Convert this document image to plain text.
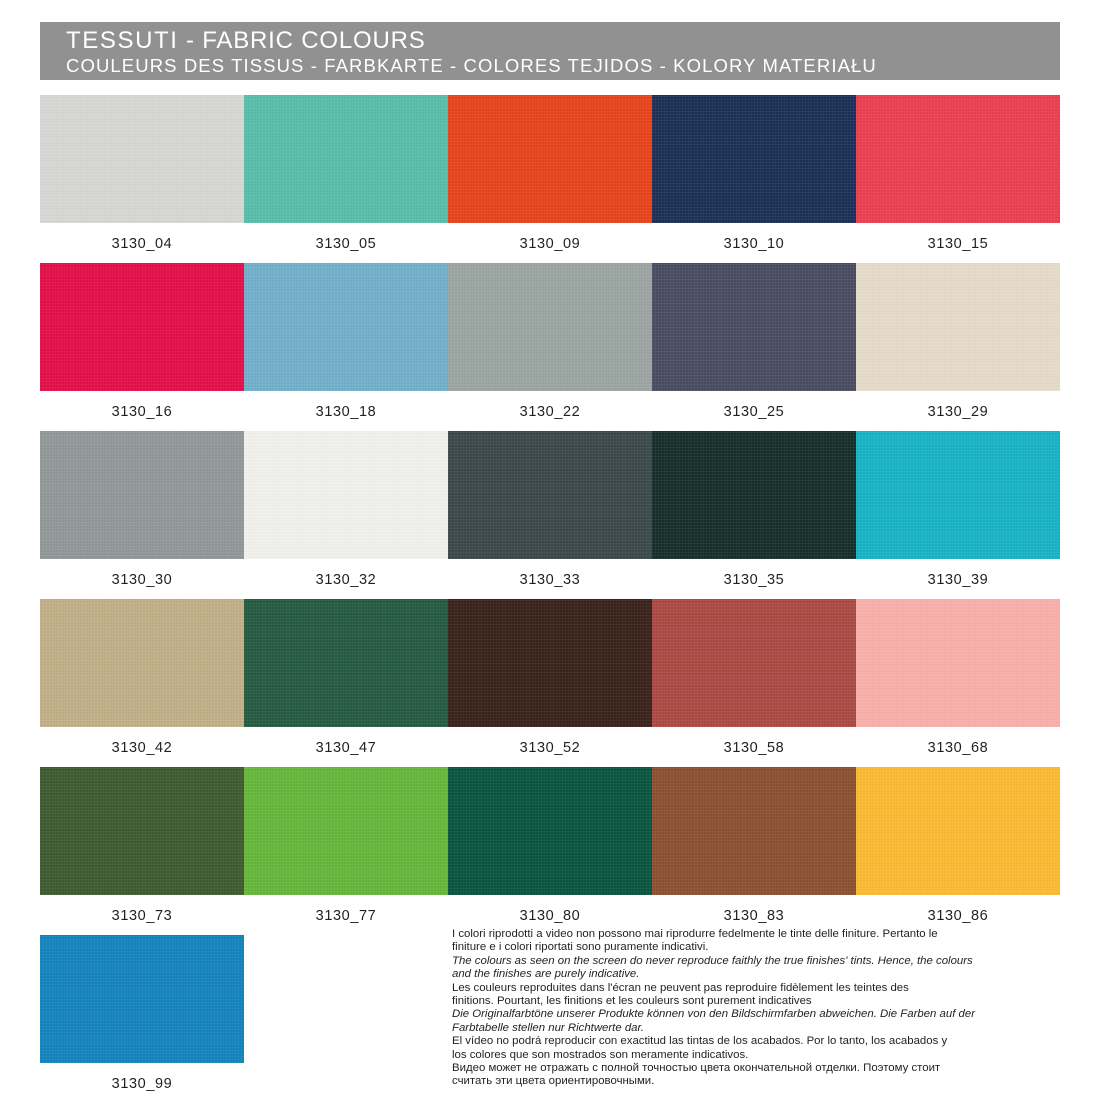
TESSUTI - FABRIC COLOURS
COULEURS DES TISSUS - FARBKARTE - COLORES TEJIDOS - KOLORY MATERIAŁU
3130_04	3130_05	3130_09	3130_10	3130_15
3130_16	3130_18	3130_22	3130_25	3130_29
3130_30	3130_32	3130_33	3130_35	3130_39
3130_42	3130_47	3130_52	3130_58	3130_68
3130_73	3130_77	3130_80	3130_83	3130_86
3130_99

I colori riprodotti a video non possono mai riprodurre fedelmente le tinte delle finiture. Pertanto le

finiture e i colori riportati sono puramente indicativi.

The colours as seen on the screen do never reproduce faithly the true finishes' tints. Hence, the colours

and the finishes are purely indicative.

Les couleurs reproduites dans l'écran ne peuvent pas reproduire fidèlement les teintes des

finitions. Pourtant, les finitions et les couleurs sont purement indicatives

Die Originalfarbtöne unserer Produkte können von den Bildschirmfarben abweichen. Die Farben auf der

Farbtabelle stellen nur Richtwerte dar.

El vídeo no podrá reproducir con exactitud las tintas de los acabados. Por lo tanto, los acabados y

los colores que son mostrados son meramente indicativos.

Видео может не отражать с полной точностью цвета окончательной отделки. Поэтому стоит

считать эти цвета ориентировочными.
